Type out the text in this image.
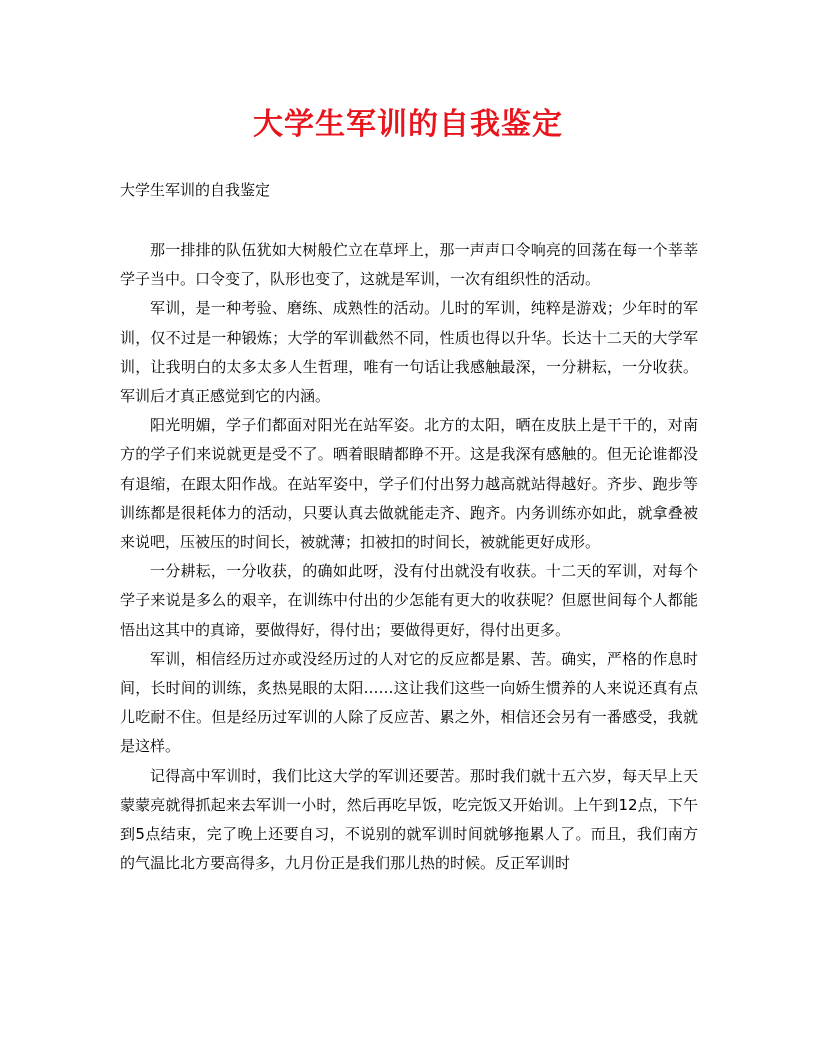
大学生军训的自我鉴定
大学生军训的自我鉴定

那一排排的队伍犹如大树般伫立在草坪上，那一声声口令响亮的回荡在每一个莘莘学子当中。口令变了，队形也变了，这就是军训，一次有组织性的活动。

军训，是一种考验、磨练、成熟性的活动。儿时的军训，纯粹是游戏；少年时的军训，仅不过是一种锻炼；大学的军训截然不同，性质也得以升华。长达十二天的大学军训，让我明白的太多太多人生哲理，唯有一句话让我感触最深，一分耕耘，一分收获。军训后才真正感觉到它的内涵。

阳光明媚，学子们都面对阳光在站军姿。北方的太阳，晒在皮肤上是干干的，对南方的学子们来说就更是受不了。晒着眼睛都睁不开。这是我深有感触的。但无论谁都没有退缩，在跟太阳作战。在站军姿中，学子们付出努力越高就站得越好。齐步、跑步等训练都是很耗体力的活动，只要认真去做就能走齐、跑齐。内务训练亦如此，就拿叠被来说吧，压被压的时间长，被就薄；扣被扣的时间长，被就能更好成形。

一分耕耘，一分收获，的确如此呀，没有付出就没有收获。十二天的军训，对每个学子来说是多么的艰辛，在训练中付出的少怎能有更大的收获呢？但愿世间每个人都能悟出这其中的真谛，要做得好，得付出；要做得更好，得付出更多。

军训，相信经历过亦或没经历过的人对它的反应都是累、苦。确实，严格的作息时间，长时间的训练，炙热晃眼的太阳……这让我们这些一向娇生惯养的人来说还真有点儿吃耐不住。但是经历过军训的人除了反应苦、累之外，相信还会另有一番感受，我就是这样。

记得高中军训时，我们比这大学的军训还要苦。那时我们就十五六岁，每天早上天蒙蒙亮就得抓起来去军训一小时，然后再吃早饭，吃完饭又开始训。上午到12点，下午到5点结束，完了晚上还要自习，不说别的就军训时间就够拖累人了。而且，我们南方的气温比北方要高得多，九月份正是我们那儿热的时候。反正军训时
